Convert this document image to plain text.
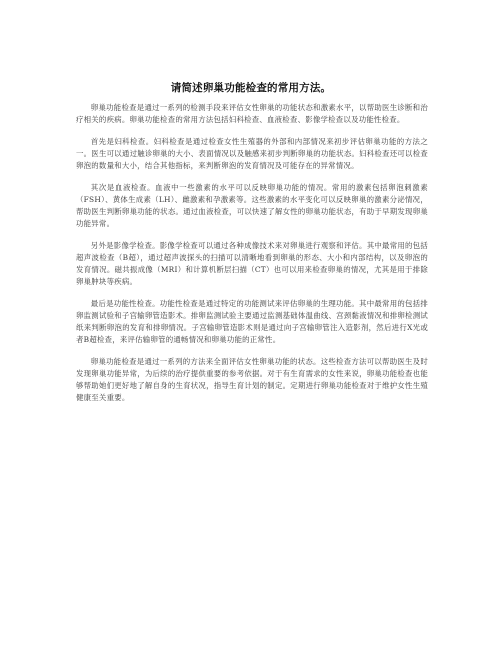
请简述卵巢功能检查的常用方法。

卵巢功能检查是通过一系列的检测手段来评估女性卵巢的功能状态和激素水平，以帮助医生诊断和治疗相关的疾病。卵巢功能检查的常用方法包括妇科检查、血液检查、影像学检查以及功能性检查。

首先是妇科检查。妇科检查是通过检查女性生殖器的外部和内部情况来初步评估卵巢功能的方法之一。医生可以通过触诊卵巢的大小、表面情况以及触感来初步判断卵巢的功能状态。妇科检查还可以检查卵泡的数量和大小，结合其他指标，来判断卵泡的发育情况及可能存在的异常情况。

其次是血液检查。血液中一些激素的水平可以反映卵巢功能的情况。常用的激素包括卵泡刺激素（FSH）、黄体生成素（LH）、雌激素和孕激素等。这些激素的水平变化可以反映卵巢的激素分泌情况，帮助医生判断卵巢功能的状态。通过血液检查，可以快速了解女性的卵巢功能状态，有助于早期发现卵巢功能异常。

另外是影像学检查。影像学检查可以通过各种成像技术来对卵巢进行观察和评估。其中最常用的包括超声波检查（B超），通过超声波探头的扫描可以清晰地看到卵巢的形态、大小和内部结构，以及卵泡的发育情况。磁共振成像（MRI）和计算机断层扫描（CT）也可以用来检查卵巢的情况，尤其是用于排除卵巢肿块等疾病。

最后是功能性检查。功能性检查是通过特定的功能测试来评估卵巢的生理功能。其中最常用的包括排卵监测试验和子宫输卵管造影术。排卵监测试验主要通过监测基础体温曲线、宫颈黏液情况和排卵检测试纸来判断卵泡的发育和排卵情况。子宫输卵管造影术则是通过向子宫输卵管注入造影剂，然后进行X光或者B超检查，来评估输卵管的通畅情况和卵巢功能的正常性。

卵巢功能检查是通过一系列的方法来全面评估女性卵巢功能的状态。这些检查方法可以帮助医生及时发现卵巢功能异常，为后续的治疗提供重要的参考依据。对于有生育需求的女性来说，卵巢功能检查也能够帮助她们更好地了解自身的生育状况，指导生育计划的制定。定期进行卵巢功能检查对于维护女性生殖健康至关重要。
